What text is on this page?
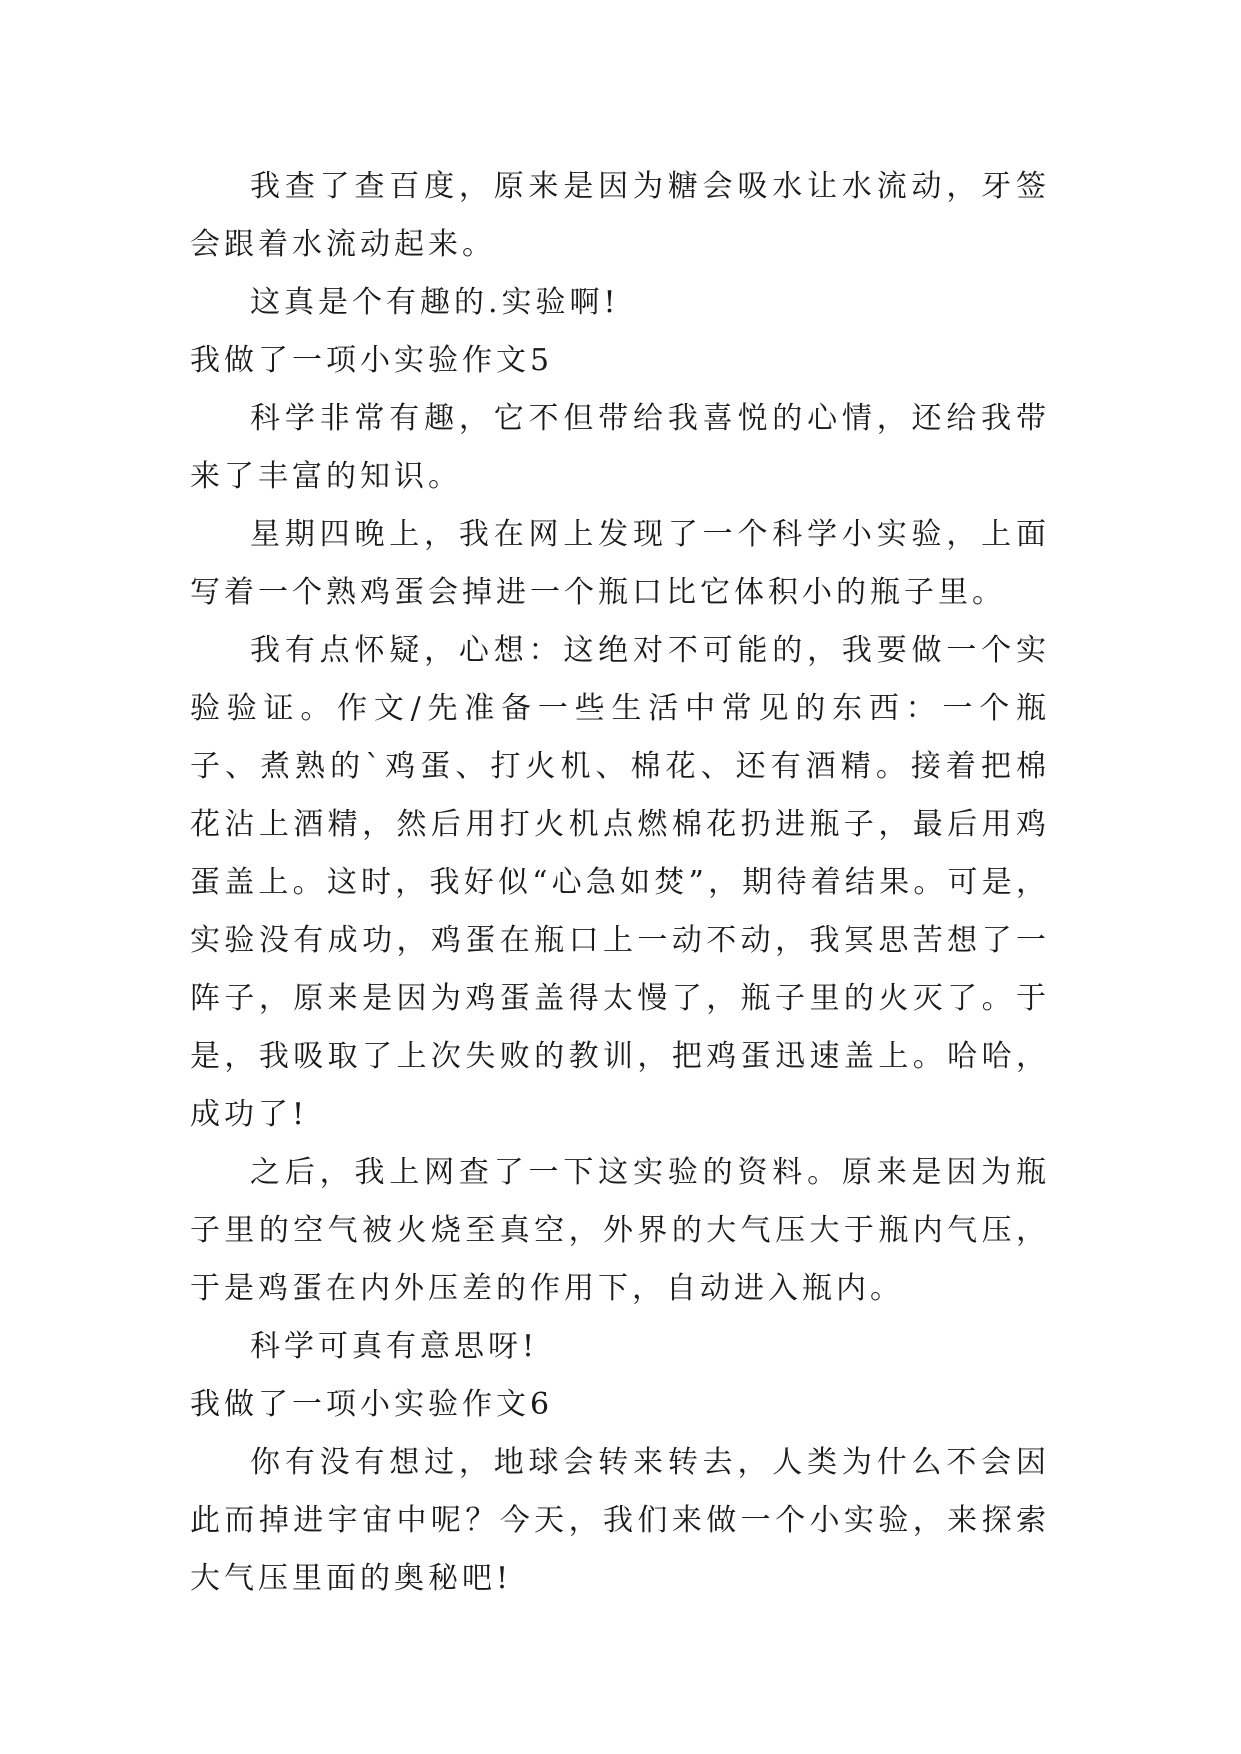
我查了查百度，原来是因为糖会吸水让水流动，牙签会跟着水流动起来。

这真是个有趣的.实验啊!

我做了一项小实验作文5

科学非常有趣，它不但带给我喜悦的心情，还给我带来了丰富的知识。

星期四晚上，我在网上发现了一个科学小实验，上面写着一个熟鸡蛋会掉进一个瓶口比它体积小的瓶子里。

我有点怀疑，心想：这绝对不可能的，我要做一个实验验证。作文/先准备一些生活中常见的东西：一个瓶子、煮熟的`鸡蛋、打火机、棉花、还有酒精。接着把棉花沾上酒精，然后用打火机点燃棉花扔进瓶子，最后用鸡蛋盖上。这时，我好似“心急如焚”，期待着结果。可是，实验没有成功，鸡蛋在瓶口上一动不动，我冥思苦想了一阵子，原来是因为鸡蛋盖得太慢了，瓶子里的火灭了。于是，我吸取了上次失败的教训，把鸡蛋迅速盖上。哈哈，成功了!

之后，我上网查了一下这实验的资料。原来是因为瓶子里的空气被火烧至真空，外界的大气压大于瓶内气压，于是鸡蛋在内外压差的作用下，自动进入瓶内。

科学可真有意思呀!

我做了一项小实验作文6

你有没有想过，地球会转来转去，人类为什么不会因此而掉进宇宙中呢？今天，我们来做一个小实验，来探索大气压里面的奥秘吧!
